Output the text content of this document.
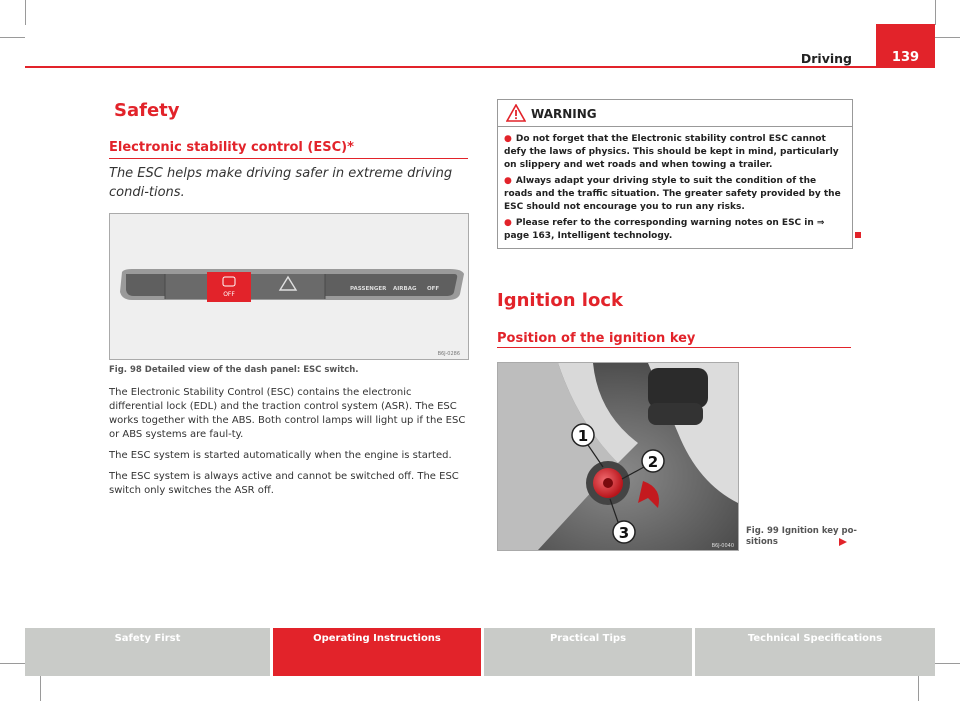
139
Driving
Safety
Electronic stability control (ESC)*
The ESC helps make driving safer in extreme driving condi-tions.
OFF
PASSENGER AIRBAG OFF
B6J-0286
Fig. 98 Detailed view of the dash panel: ESC switch.

The Electronic Stability Control (ESC) contains the electronic differential lock (EDL) and the traction control system (ASR). The ESC works together with the ABS. Both control lamps will light up if the ESC or ABS systems are faul-ty.

The ESC system is started automatically when the engine is started.

The ESC system is always active and cannot be switched off. The ESC switch only switches the ASR off.

WARNING

● Do not forget that the Electronic stability control ESC cannot defy the laws of physics. This should be kept in mind, particularly on slippery and wet roads and when towing a trailer.

● Always adapt your driving style to suit the condition of the roads and the traffic situation. The greater safety provided by the ESC should not encourage you to run any risks.

● Please refer to the corresponding warning notes on ESC in ⇒ page 163, Intelligent technology.

Ignition lock
Position of the ignition key
1
2
3
B6J-0040
Fig. 99 Ignition key po-
sitions
Safety First	Operating Instructions	Practical Tips	Technical Specifications
